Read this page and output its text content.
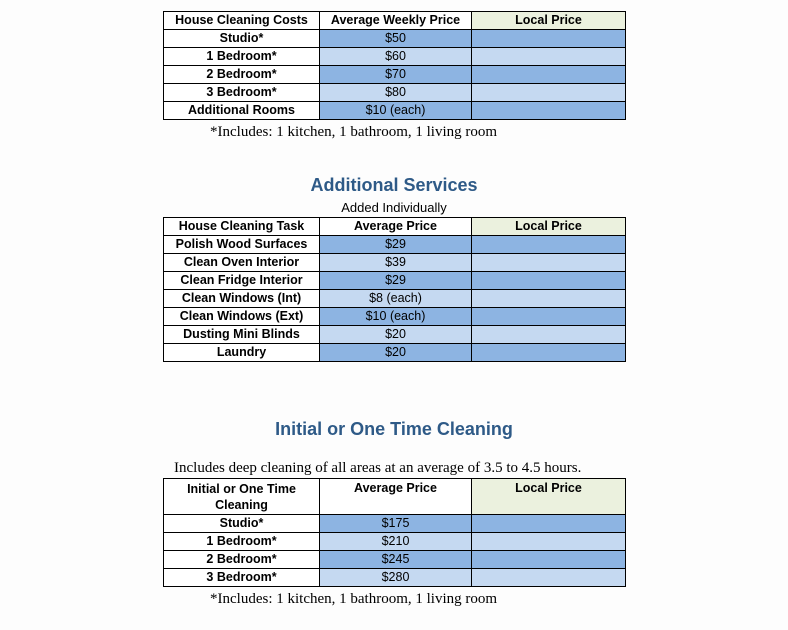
House Cleaning Costs	Average Weekly Price	Local Price
Studio*	$50	
1 Bedroom*	$60	
2 Bedroom*	$70	
3 Bedroom*	$80	
Additional Rooms	$10 (each)	
*Includes: 1 kitchen, 1 bathroom, 1 living room
Additional Services
Added Individually
House Cleaning Task	Average Price	Local Price
Polish Wood Surfaces	$29	
Clean Oven Interior	$39	
Clean Fridge Interior	$29	
Clean Windows (Int)	$8 (each)	
Clean Windows (Ext)	$10 (each)	
Dusting Mini Blinds	$20	
Laundry	$20	
Initial or One Time Cleaning
Includes deep cleaning of all areas at an average of 3.5 to 4.5 hours.
Initial or One Time Cleaning	Average Price	Local Price
Studio*	$175	
1 Bedroom*	$210	
2 Bedroom*	$245	
3 Bedroom*	$280	
*Includes: 1 kitchen, 1 bathroom, 1 living room
